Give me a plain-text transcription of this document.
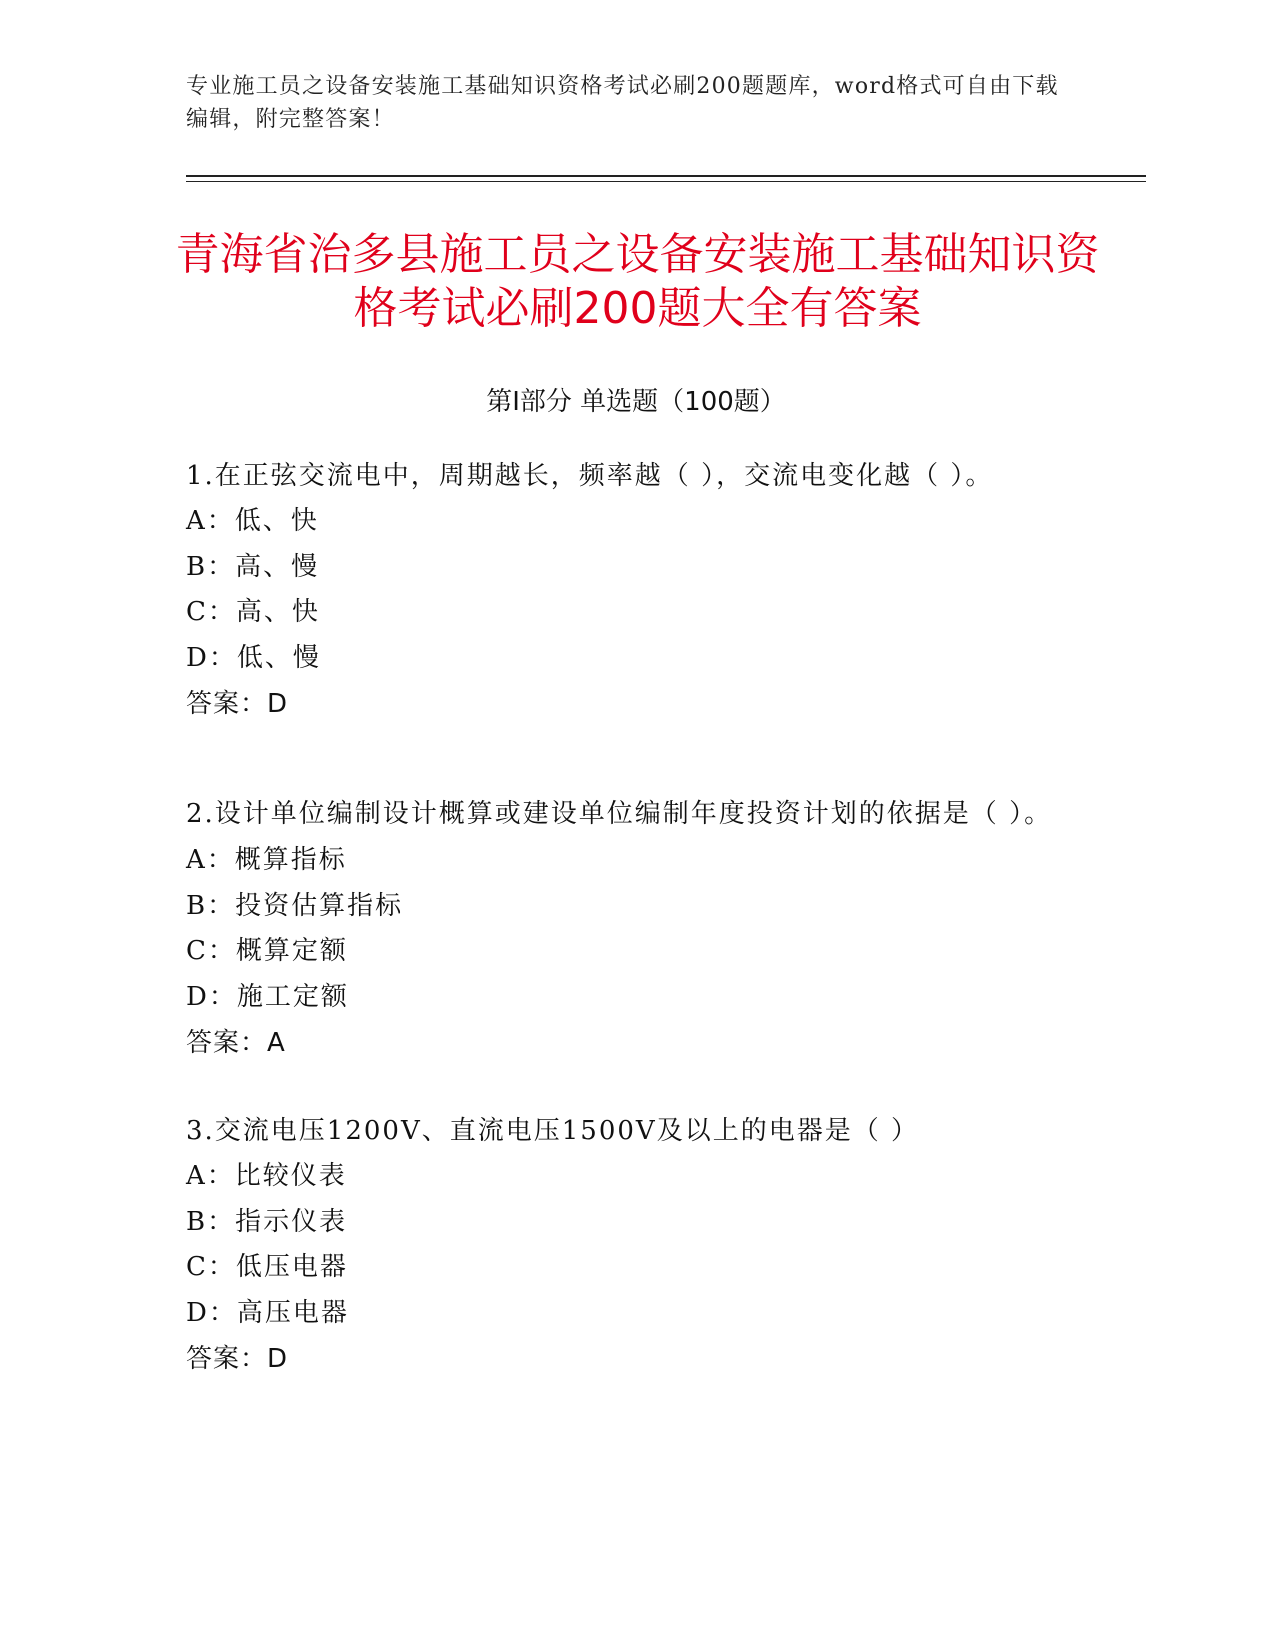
专业施工员之设备安装施工基础知识资格考试必刷200题题库，word格式可自由下载编辑，附完整答案！
青海省治多县施工员之设备安装施工基础知识资格考试必刷200题大全有答案
第Ⅰ部分 单选题（100题）
1.在正弦交流电中，周期越长，频率越（ ），交流电变化越（ ）。
A：低、快
B：高、慢
C：高、快
D：低、慢
答案：D
2.设计单位编制设计概算或建设单位编制年度投资计划的依据是（ ）。
A：概算指标
B：投资估算指标
C：概算定额
D：施工定额
答案：A
3.交流电压1200V、直流电压1500V及以上的电器是（ ）
A：比较仪表
B：指示仪表
C：低压电器
D：高压电器
答案：D
